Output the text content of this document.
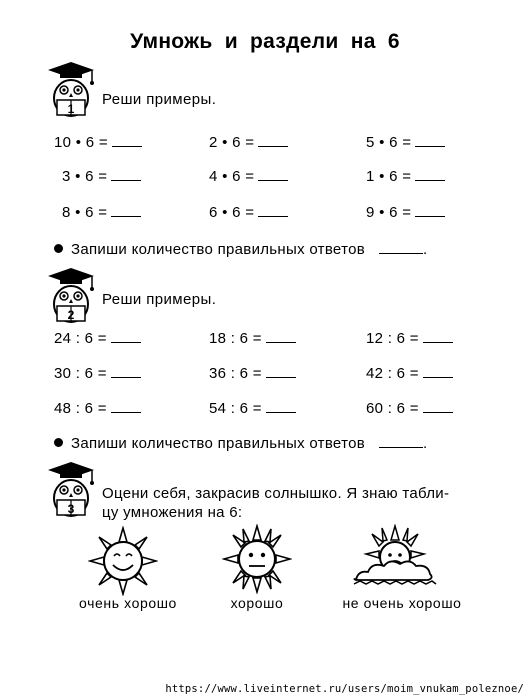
Умножь и раздели на 6
1
Реши примеры.
10 • 6 =	2 • 6 =	5 • 6 =
3 • 6 =	4 • 6 =	1 • 6 =
8 • 6 =	6 • 6 =	9 • 6 =
Запиши количество правильных ответов	.
2
Реши примеры.
24 : 6 =	18 : 6 =	12 : 6 =
30 : 6 =	36 : 6 =	42 : 6 =
48 : 6 =	54 : 6 =	60 : 6 =
Запиши количество правильных ответов	.
3
Оцени себя, закрасив солнышко. Я знаю табли-
цу умножения на 6:
очень хорошо	хорошо	не очень хорошо
https://www.liveinternet.ru/users/moim_vnukam_poleznoe/
